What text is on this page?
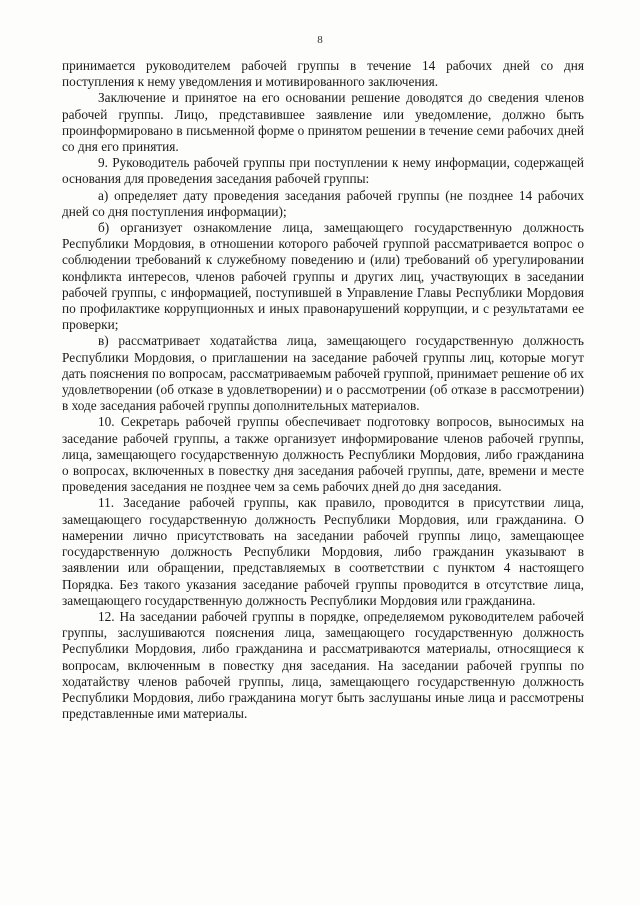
8

принимается руководителем рабочей группы в течение 14 рабочих дней со дня поступления к нему уведомления и мотивированного заключения.

Заключение и принятое на его основании решение доводятся до сведения членов рабочей группы. Лицо, представившее заявление или уведомление, должно быть проинформировано в письменной форме о принятом решении в течение семи рабочих дней со дня его принятия.

9. Руководитель рабочей группы при поступлении к нему информации, содержащей основания для проведения заседания рабочей группы:

а) определяет дату проведения заседания рабочей группы (не позднее 14 рабочих дней со дня поступления информации);

б) организует ознакомление лица, замещающего государственную должность Республики Мордовия, в отношении которого рабочей группой рассматривается вопрос о соблюдении требований к служебному поведению и (или) требований об урегулировании конфликта интересов, членов рабочей группы и других лиц, участвующих в заседании рабочей группы, с информацией, поступившей в Управление Главы Республики Мордовия по профилактике коррупционных и иных правонарушений коррупции, и с результатами ее проверки;

в) рассматривает ходатайства лица, замещающего государственную должность Республики Мордовия, о приглашении на заседание рабочей группы лиц, которые могут дать пояснения по вопросам, рассматриваемым рабочей группой, принимает решение об их удовлетворении (об отказе в удовлетворении) и о рассмотрении (об отказе в рассмотрении) в ходе заседания рабочей группы дополнительных материалов.

10. Секретарь рабочей группы обеспечивает подготовку вопросов, выносимых на заседание рабочей группы, а также организует информирование членов рабочей группы, лица, замещающего государственную должность Республики Мордовия, либо гражданина о вопросах, включенных в повестку дня заседания рабочей группы, дате, времени и месте проведения заседания не позднее чем за семь рабочих дней до дня заседания.

11. Заседание рабочей группы, как правило, проводится в присутствии лица, замещающего государственную должность Республики Мордовия, или гражданина. О намерении лично присутствовать на заседании рабочей группы лицо, замещающее государственную должность Республики Мордовия, либо гражданин указывают в заявлении или обращении, представляемых в соответствии с пунктом 4 настоящего Порядка. Без такого указания заседание рабочей группы проводится в отсутствие лица, замещающего государственную должность Республики Мордовия или гражданина.

12. На заседании рабочей группы в порядке, определяемом руководителем рабочей группы, заслушиваются пояснения лица, замещающего государственную должность Республики Мордовия, либо гражданина и рассматриваются материалы, относящиеся к вопросам, включенным в повестку дня заседания. На заседании рабочей группы по ходатайству членов рабочей группы, лица, замещающего государственную должность Республики Мордовия, либо гражданина могут быть заслушаны иные лица и рассмотрены представленные ими материалы.
